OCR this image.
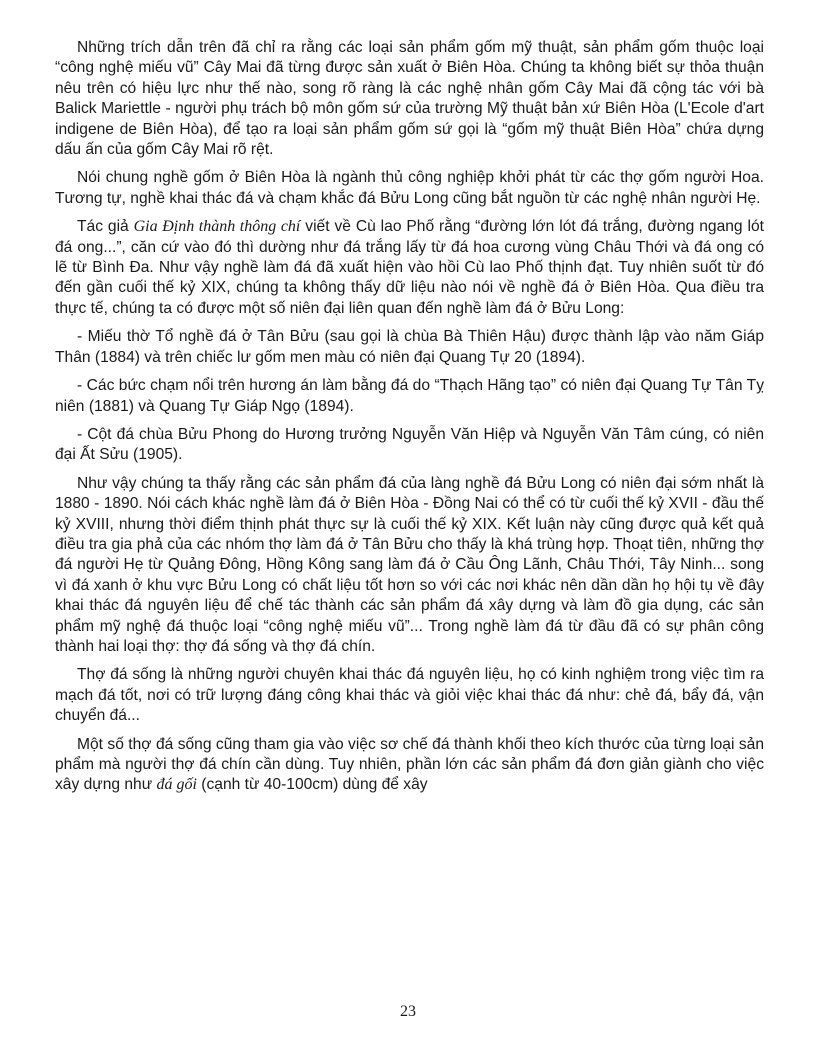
Những trích dẫn trên đã chỉ ra rằng các loại sản phẩm gốm mỹ thuật, sản phẩm gốm thuộc loại “công nghệ miếu vũ” Cây Mai đã từng được sản xuất ở Biên Hòa. Chúng ta không biết sự thỏa thuận nêu trên có hiệu lực như thế nào, song rõ ràng là các nghệ nhân gốm Cây Mai đã cộng tác với bà Balick Mariettle - người phụ trách bộ môn gốm sứ của trường Mỹ thuật bản xứ Biên Hòa (L'Ecole d'art indigene de Biên Hòa), để tạo ra loại sản phẩm gốm sứ gọi là “gốm mỹ thuật Biên Hòa” chứa dựng dấu ấn của gốm Cây Mai rõ rệt.

Nói chung nghề gốm ở Biên Hòa là ngành thủ công nghiệp khởi phát từ các thợ gốm người Hoa. Tương tự, nghề khai thác đá và chạm khắc đá Bửu Long cũng bắt nguồn từ các nghệ nhân người Hẹ.

Tác giả Gia Định thành thông chí viết về Cù lao Phố rằng “đường lớn lót đá trắng, đường ngang lót đá ong...”, căn cứ vào đó thì dường như đá trắng lấy từ đá hoa cương vùng Châu Thới và đá ong có lẽ từ Bình Đa. Như vậy nghề làm đá đã xuất hiện vào hồi Cù lao Phố thịnh đạt. Tuy nhiên suốt từ đó đến gần cuối thế kỷ XIX, chúng ta không thấy dữ liệu nào nói về nghề đá ở Biên Hòa. Qua điều tra thực tế, chúng ta có được một số niên đại liên quan đến nghề làm đá ở Bửu Long:

- Miếu thờ Tổ nghề đá ở Tân Bửu (sau gọi là chùa Bà Thiên Hậu) được thành lập vào năm Giáp Thân (1884) và trên chiếc lư gốm men màu có niên đại Quang Tự 20 (1894).

- Các bức chạm nổi trên hương án làm bằng đá do “Thạch Hãng tạo” có niên đại Quang Tự Tân Tỵ niên (1881) và Quang Tự Giáp Ngọ (1894).

- Cột đá chùa Bửu Phong do Hương trưởng Nguyễn Văn Hiệp và Nguyễn Văn Tâm cúng, có niên đại Ất Sửu (1905).

Như vậy chúng ta thấy rằng các sản phẩm đá của làng nghề đá Bửu Long có niên đại sớm nhất là 1880 - 1890. Nói cách khác nghề làm đá ở Biên Hòa - Đồng Nai có thể có từ cuối thế kỷ XVII - đầu thế kỷ XVIII, nhưng thời điểm thịnh phát thực sự là cuối thế kỷ XIX. Kết luận này cũng được quả kết quả điều tra gia phả của các nhóm thợ làm đá ở Tân Bửu cho thấy là khá trùng hợp. Thoạt tiên, những thợ đá người Hẹ từ Quảng Đông, Hồng Kông sang làm đá ở Cầu Ông Lãnh, Châu Thới, Tây Ninh... song vì đá xanh ở khu vực Bửu Long có chất liệu tốt hơn so với các nơi khác nên dần dần họ hội tụ về đây khai thác đá nguyên liệu để chế tác thành các sản phẩm đá xây dựng và làm đồ gia dụng, các sản phẩm mỹ nghệ đá thuộc loại “công nghệ miếu vũ”... Trong nghề làm đá từ đầu đã có sự phân công thành hai loại thợ: thợ đá sống và thợ đá chín.

Thợ đá sống là những người chuyên khai thác đá nguyên liệu, họ có kinh nghiệm trong việc tìm ra mạch đá tốt, nơi có trữ lượng đáng công khai thác và giỏi việc khai thác đá như: chẻ đá, bẩy đá, vận chuyển đá...

Một số thợ đá sống cũng tham gia vào việc sơ chế đá thành khối theo kích thước của từng loại sản phẩm mà người thợ đá chín cần dùng. Tuy nhiên, phần lớn các sản phẩm đá đơn giản giành cho việc xây dựng như đá gối (cạnh từ 40-100cm) dùng để xây

23
